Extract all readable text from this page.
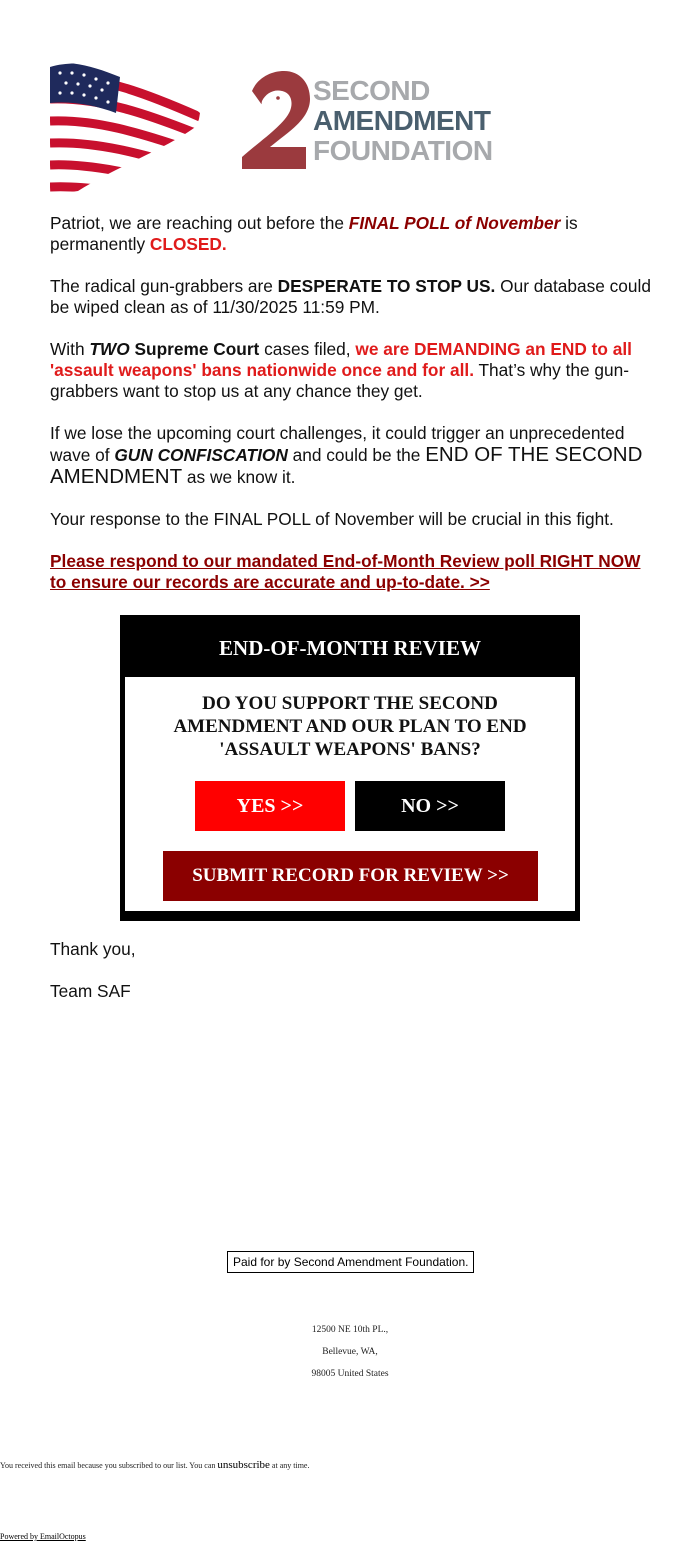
SECOND
AMENDMENT
FOUNDATION

Patriot, we are reaching out before the FINAL POLL of November is permanently CLOSED.

The radical gun-grabbers are DESPERATE TO STOP US. Our database could be wiped clean as of 11/30/2025 11:59 PM.

With TWO Supreme Court cases filed, we are DEMANDING an END to all 'assault weapons' bans nationwide once and for all. That’s why the gun-grabbers want to stop us at any chance they get.

If we lose the upcoming court challenges, it could trigger an unprecedented wave of GUN CONFISCATION and could be the END OF THE SECOND AMENDMENT as we know it.

Your response to the FINAL POLL of November will be crucial in this fight.

Please respond to our mandated End-of-Month Review poll RIGHT NOW to ensure our records are accurate and up-to-date. >>

END-OF-MONTH REVIEW
DO YOU SUPPORT THE SECOND AMENDMENT AND OUR PLAN TO END 'ASSAULT WEAPONS' BANS?
YES >>	NO >>
SUBMIT RECORD FOR REVIEW >>

Thank you,

Team SAF

Paid for by Second Amendment Foundation.
12500 NE 10th PL.,
Bellevue, WA,
98005 United States
You received this email because you subscribed to our list. You can unsubscribe at any time.
Powered by EmailOctopus
